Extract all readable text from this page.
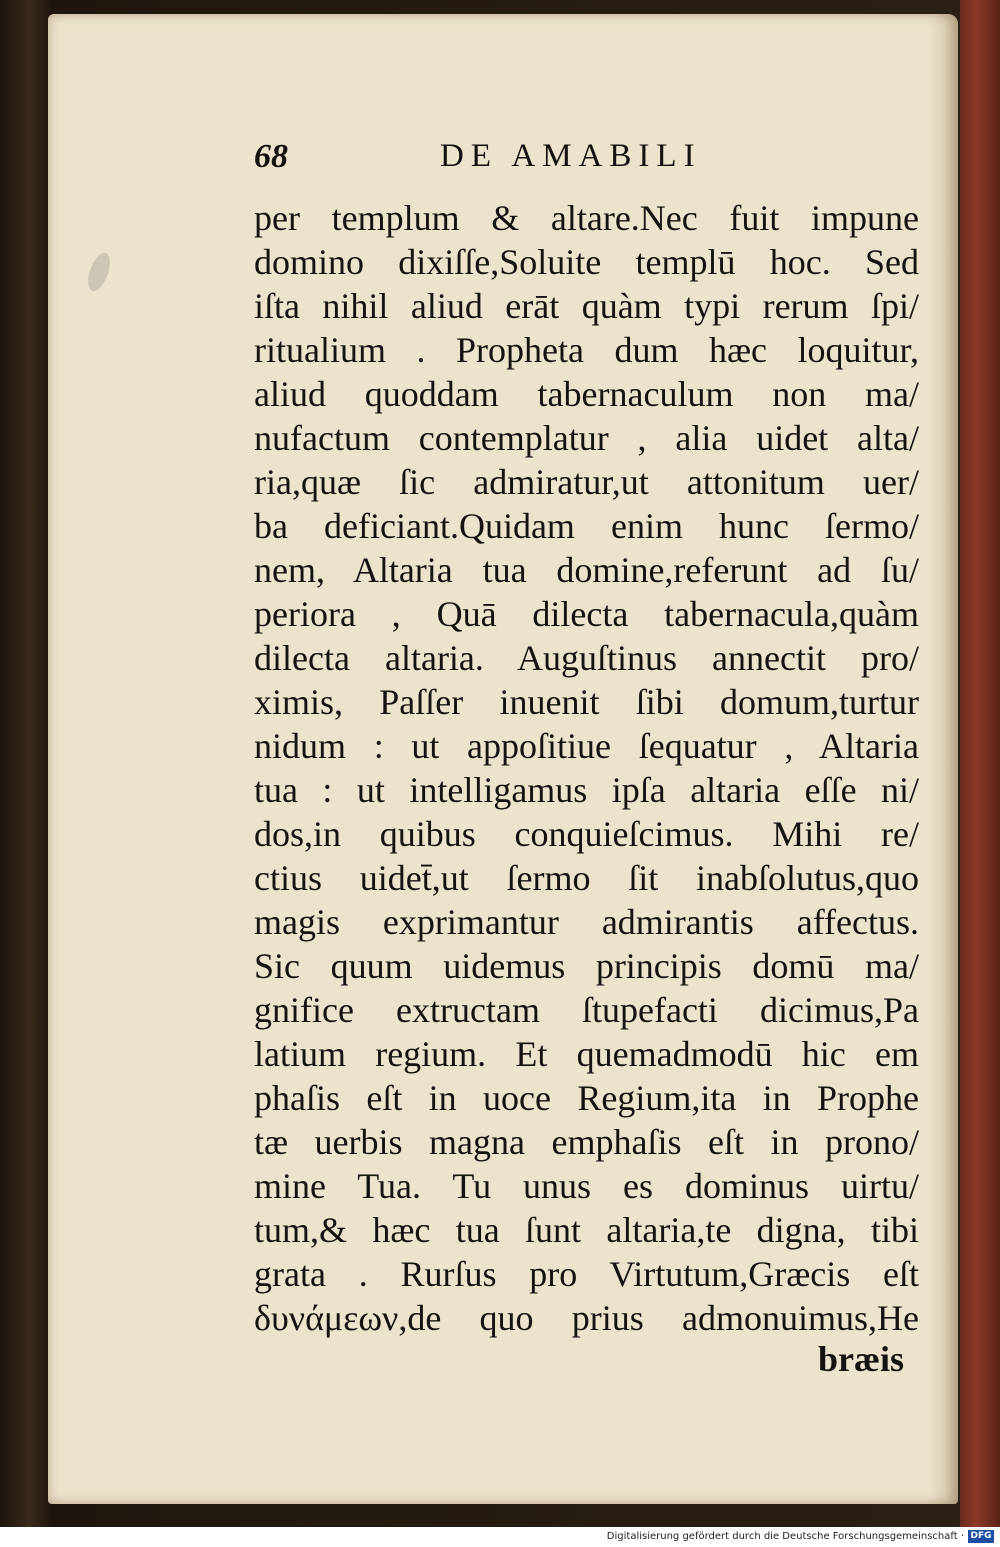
68	DE AMABILI
per templum & altare.Nec fuit impune
domino dixiſſe,Soluite templū hoc. Sed
iſta nihil aliud erāt quàm typi rerum ſpi/
ritualium . Propheta dum hæc loquitur,
aliud quoddam tabernaculum non ma/
nufactum contemplatur , alia uidet alta/
ria,quæ ſic admiratur,ut attonitum uer/
ba deficiant.Quidam enim hunc ſermo/
nem, Altaria tua domine,referunt ad ſu/
periora , Quā dilecta tabernacula,quàm
dilecta altaria. Auguſtinus annectit pro/
ximis, Paſſer inuenit ſibi domum,turtur
nidum : ut appoſitiue ſequatur , Altaria
tua : ut intelligamus ipſa altaria eſſe ni/
dos,in quibus conquieſcimus. Mihi re/
ctius uidet̄,ut ſermo ſit inabſolutus,quo
magis exprimantur admirantis affectus.
Sic quum uidemus principis domū ma/
gnifice extructam ſtupefacti dicimus,Pa
latium regium. Et quemadmodū hic em
phaſis eſt in uoce Regium,ita in Prophe
tæ uerbis magna emphaſis eſt in prono/
mine Tua. Tu unus es dominus uirtu/
tum,& hæc tua ſunt altaria,te digna, tibi
grata . Rurſus pro Virtutum,Græcis eſt
δυνάμεων,de quo prius admonuimus,He
bræis
Digitalisierung gefördert durch die Deutsche Forschungsgemeinschaft · DFG
